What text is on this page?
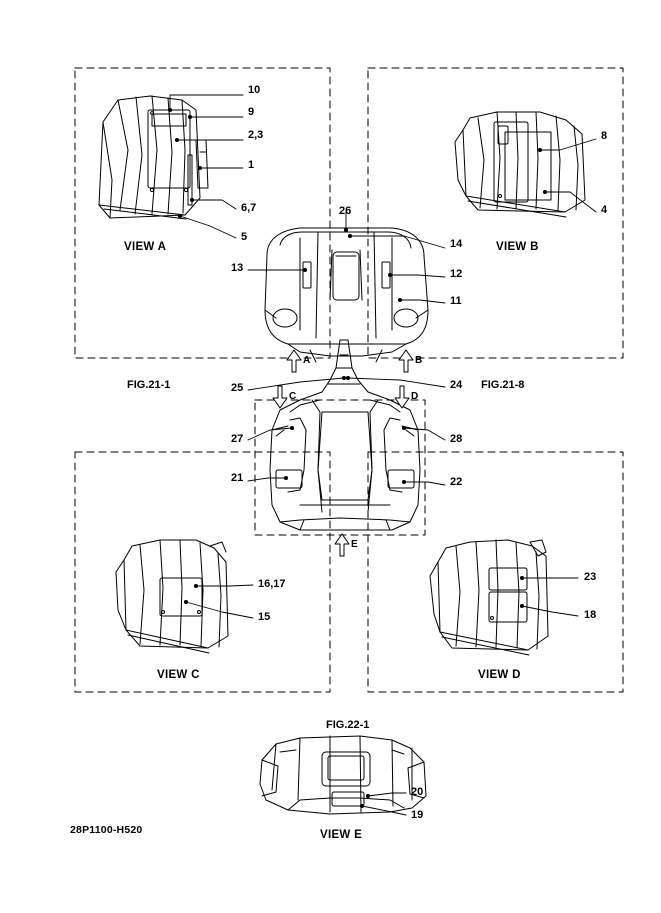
10
9
2,3
1
6,7
5
8
4
26
14
13	12
11
25	24
27	28
21	22
16,17
15
23
18
20
19
A	B
C	D
E
VIEW A	VIEW B
VIEW C	VIEW D
VIEW E
FIG.21-1	FIG.21-8
FIG.22-1
28P1100-H520
